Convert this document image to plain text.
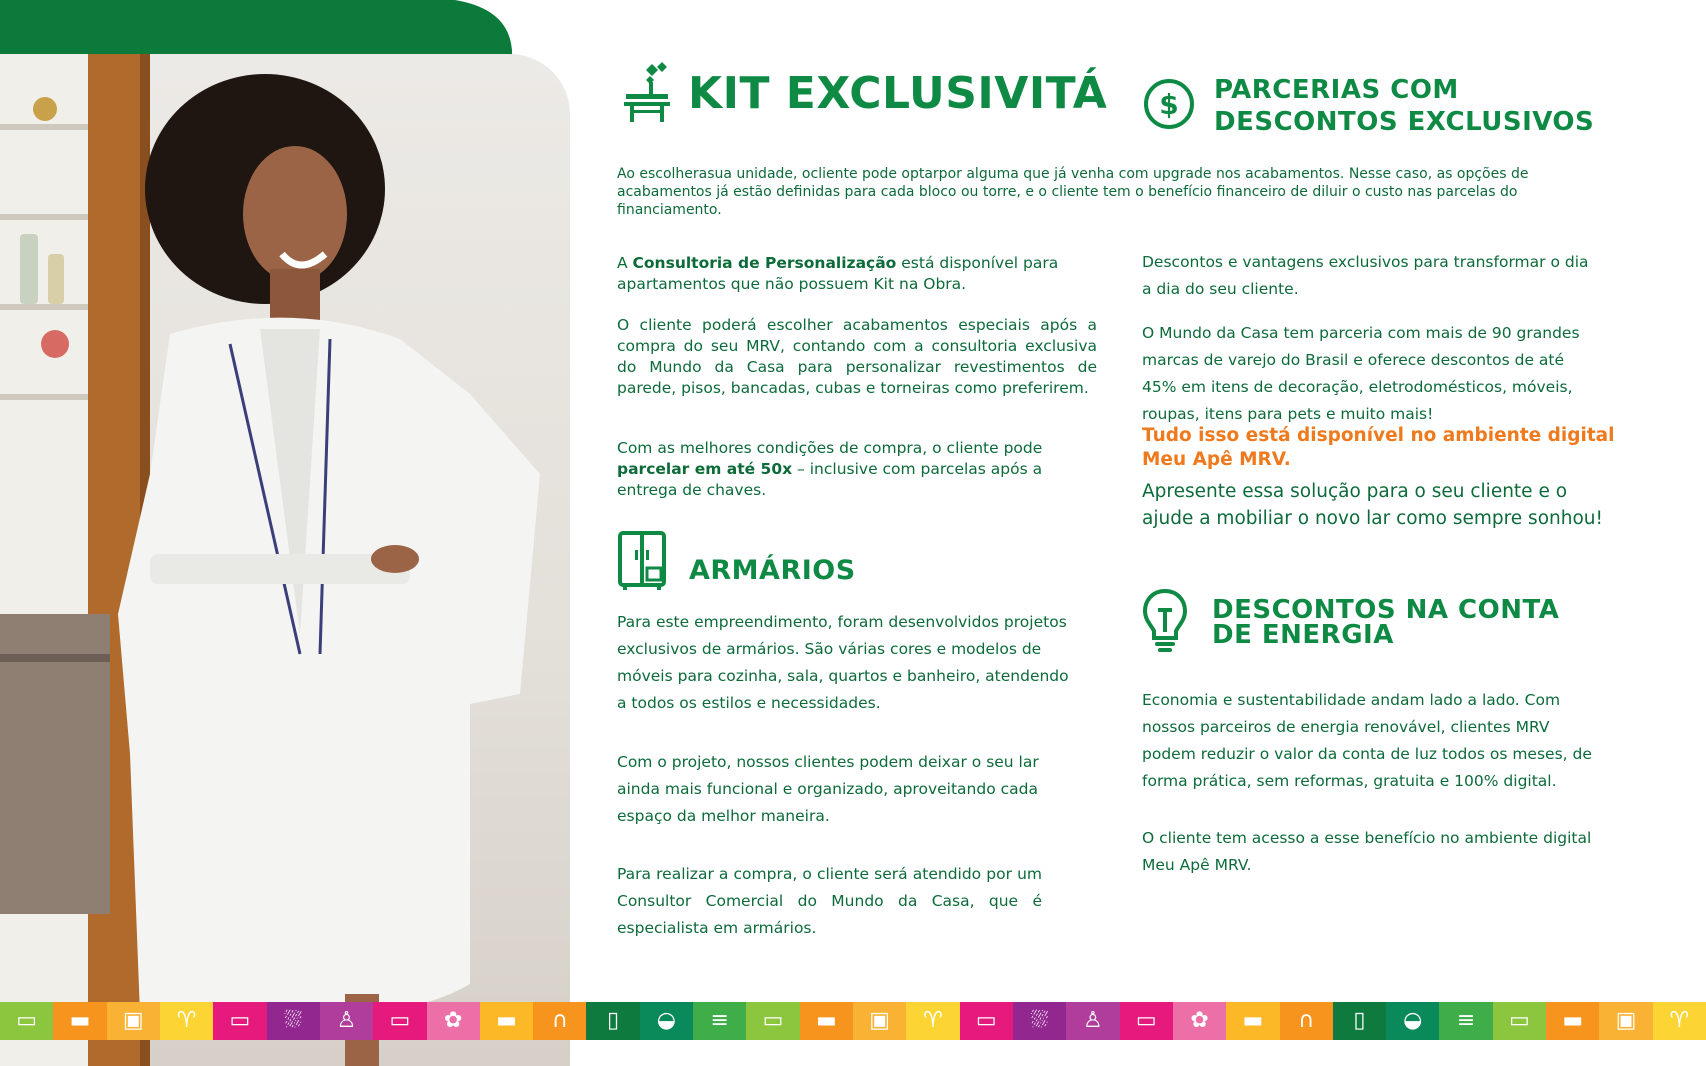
KIT EXCLUSIVITÁ $ PARCERIAS COM
DESCONTOS EXCLUSIVOS

Ao escolherasua unidade, ocliente pode optarpor alguma que já venha com upgrade nos acabamentos. Nesse caso, as opções de acabamentos já estão definidas para cada bloco ou torre, e o cliente tem o benefício financeiro de diluir o custo nas parcelas do financiamento.

A Consultoria de Personalização está disponível para apartamentos que não possuem Kit na Obra.

O cliente poderá escolher acabamentos especiais após a compra do seu MRV, contando com a consultoria exclusiva do Mundo da Casa para personalizar revestimentos de parede, pisos, bancadas, cubas e torneiras como preferirem.

Com as melhores condições de compra, o cliente pode parcelar em até 50x – inclusive com parcelas após a entrega de chaves.

ARMÁRIOS

Para este empreendimento, foram desenvolvidos projetos exclusivos de armários. São várias cores e modelos de móveis para cozinha, sala, quartos e banheiro, atendendo a todos os estilos e necessidades.

Com o projeto, nossos clientes podem deixar o seu lar ainda mais funcional e organizado, aproveitando cada espaço da melhor maneira.

Para realizar a compra, o cliente será atendido por um Consultor Comercial do Mundo da Casa, que é especialista em armários.

Descontos e vantagens exclusivos para transformar o dia a dia do seu cliente.

O Mundo da Casa tem parceria com mais de 90 grandes marcas de varejo do Brasil e oferece descontos de até 45% em itens de decoração, eletrodomésticos, móveis, roupas, itens para pets e muito mais!

Tudo isso está disponível no ambiente digital Meu Apê MRV.

Apresente essa solução para o seu cliente e o ajude a mobiliar o novo lar como sempre sonhou!

DESCONTOS NA CONTA
DE ENERGIA

Economia e sustentabilidade andam lado a lado. Com nossos parceiros de energia renovável, clientes MRV podem reduzir o valor da conta de luz todos os meses, de forma prática, sem reformas, gratuita e 100% digital.

O cliente tem acesso a esse benefício no ambiente digital Meu Apê MRV.

▭ ▬ ▣ ♈ ▭ ⛆ ♙ ▭ ✿ ▬ ∩ ▯ ◒ ≡ ▭ ▬ ▣ ♈ ▭ ⛆ ♙ ▭ ✿ ▬ ∩ ▯ ◒ ≡ ▭ ▬ ▣ ♈
